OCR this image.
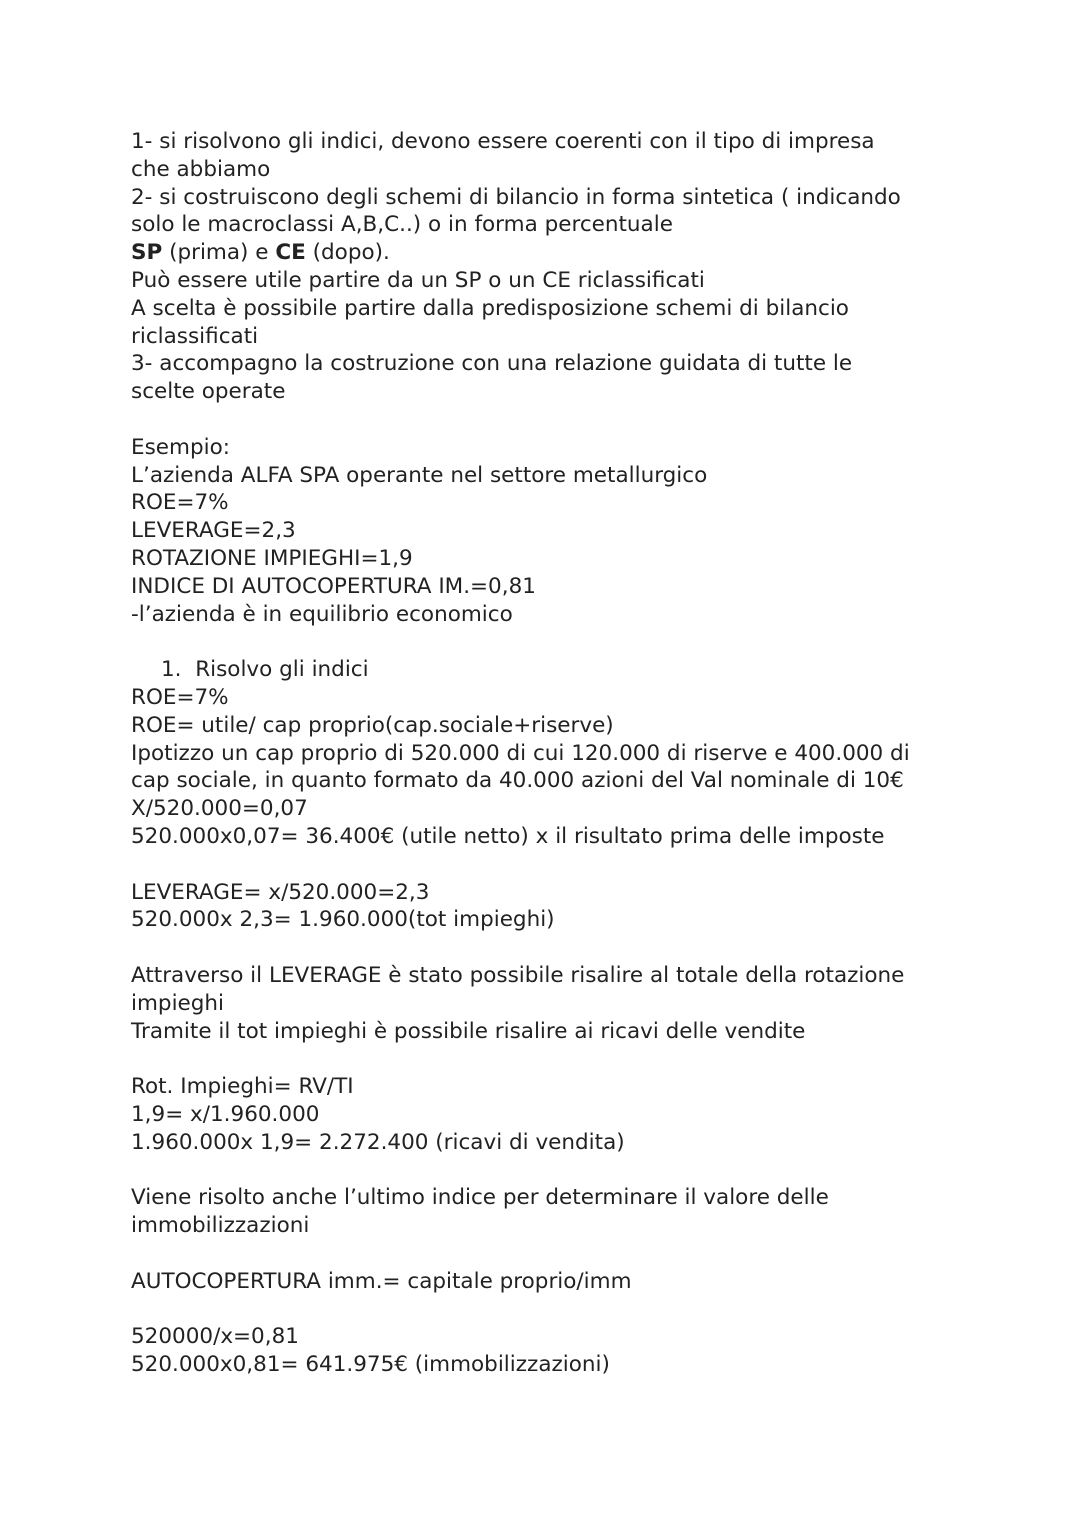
1- si risolvono gli indici, devono essere coerenti con il tipo di impresa
che abbiamo
2- si costruiscono degli schemi di bilancio in forma sintetica ( indicando
solo le macroclassi A,B,C..) o in forma percentuale
SP (prima) e CE (dopo).
Può essere utile partire da un SP o un CE riclassificati
A scelta è possibile partire dalla predisposizione schemi di bilancio
riclassificati
3- accompagno la costruzione con una relazione guidata di tutte le
scelte operate
Esempio:
L’azienda ALFA SPA operante nel settore metallurgico
ROE=7%
LEVERAGE=2,3
ROTAZIONE IMPIEGHI=1,9
INDICE DI AUTOCOPERTURA IM.=0,81
-l’azienda è in equilibrio economico
1. Risolvo gli indici
ROE=7%
ROE= utile/ cap proprio(cap.sociale+riserve)
Ipotizzo un cap proprio di 520.000 di cui 120.000 di riserve e 400.000 di
cap sociale, in quanto formato da 40.000 azioni del Val nominale di 10€
X/520.000=0,07
520.000x0,07= 36.400€ (utile netto) x il risultato prima delle imposte
LEVERAGE= x/520.000=2,3
520.000x 2,3= 1.960.000(tot impieghi)
Attraverso il LEVERAGE è stato possibile risalire al totale della rotazione
impieghi
Tramite il tot impieghi è possibile risalire ai ricavi delle vendite
Rot. Impieghi= RV/TI
1,9= x/1.960.000
1.960.000x 1,9= 2.272.400 (ricavi di vendita)
Viene risolto anche l’ultimo indice per determinare il valore delle
immobilizzazioni
AUTOCOPERTURA imm.= capitale proprio/imm
520000/x=0,81
520.000x0,81= 641.975€ (immobilizzazioni)
